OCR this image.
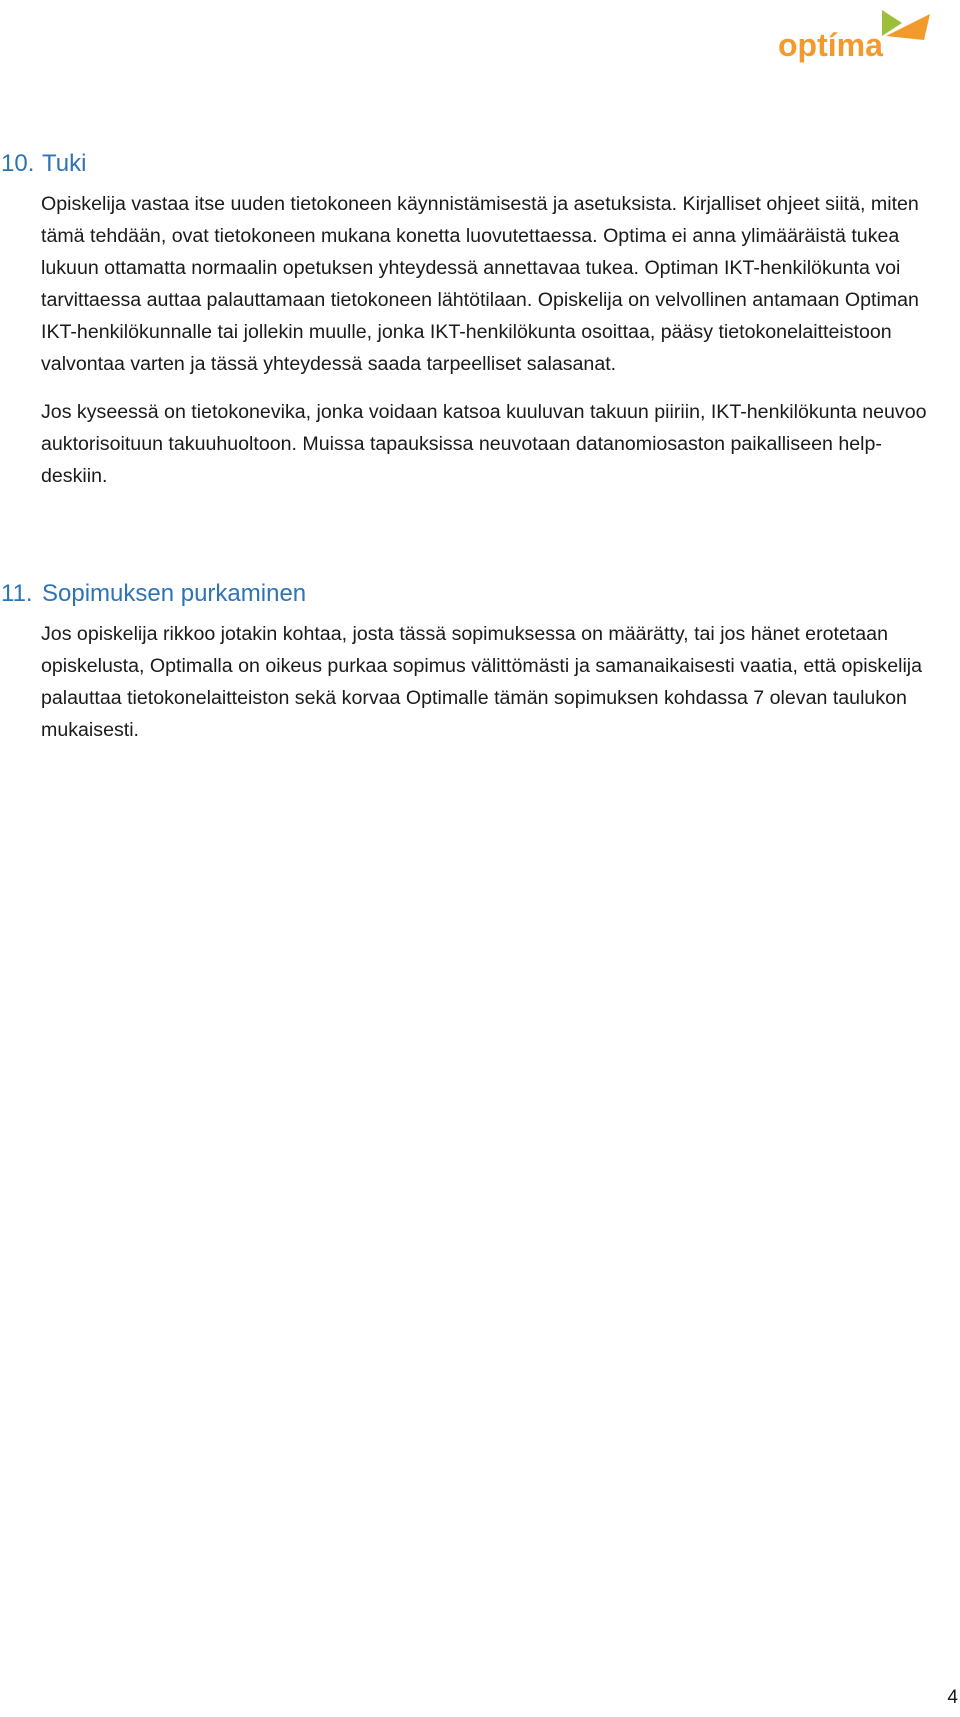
optíma
10. Tuki

Opiskelija vastaa itse uuden tietokoneen käynnistämisestä ja asetuksista. Kirjalliset ohjeet siitä, miten tämä tehdään, ovat tietokoneen mukana konetta luovutettaessa. Optima ei anna ylimääräistä tukea lukuun ottamatta normaalin opetuksen yhteydessä annettavaa tukea. Optiman IKT-henkilökunta voi tarvittaessa auttaa palauttamaan tietokoneen lähtötilaan. Opiskelija on velvollinen antamaan Optiman IKT-henkilökunnalle tai jollekin muulle, jonka IKT-henkilökunta osoittaa, pääsy tietokonelaitteistoon valvontaa varten ja tässä yhteydessä saada tarpeelliset salasanat.

Jos kyseessä on tietokonevika, jonka voidaan katsoa kuuluvan takuun piiriin, IKT-henkilökunta neuvoo auktorisoituun takuuhuoltoon. Muissa tapauksissa neuvotaan datanomiosaston paikalliseen help-deskiin.

11. Sopimuksen purkaminen

Jos opiskelija rikkoo jotakin kohtaa, josta tässä sopimuksessa on määrätty, tai jos hänet erotetaan opiskelusta, Optimalla on oikeus purkaa sopimus välittömästi ja samanaikaisesti vaatia, että opiskelija palauttaa tietokonelaitteiston sekä korvaa Optimalle tämän sopimuksen kohdassa 7 olevan taulukon mukaisesti.

4
